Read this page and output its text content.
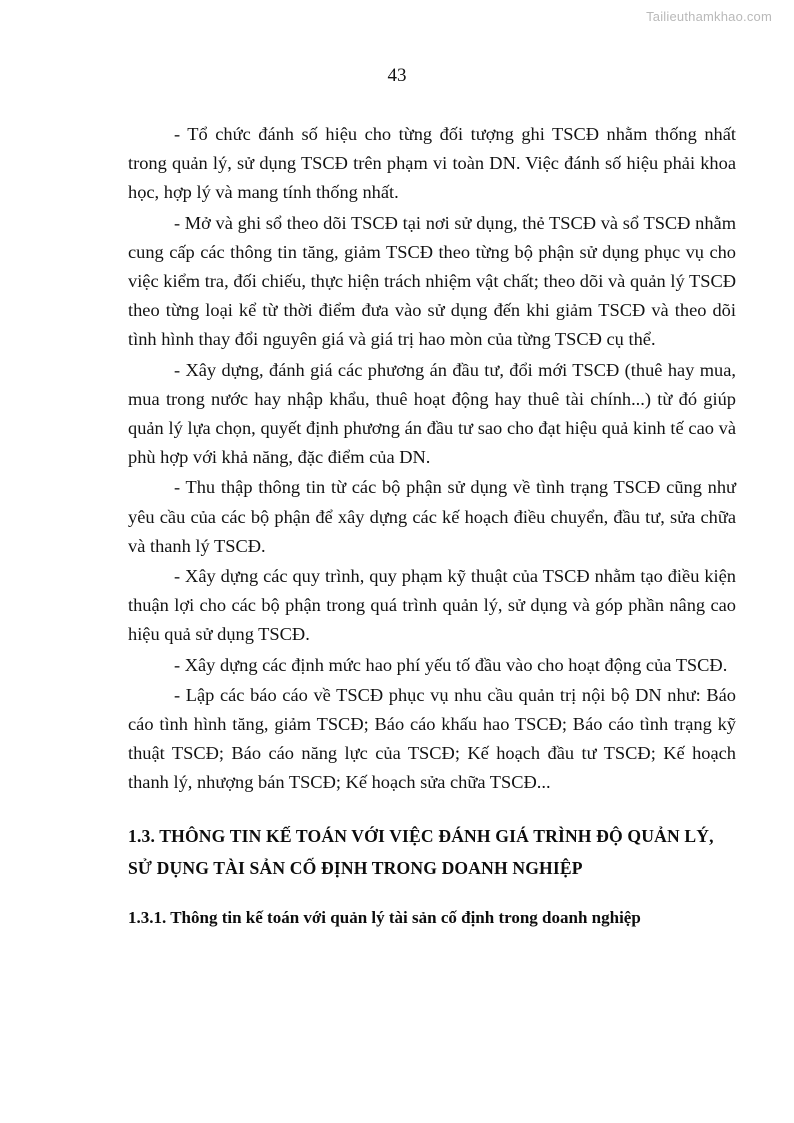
Tailieuthamkhao.com
43

- Tổ chức đánh số hiệu cho từng đối tượng ghi TSCĐ nhằm thống nhất trong quản lý, sử dụng TSCĐ trên phạm vi toàn DN. Việc đánh số hiệu phải khoa học, hợp lý và mang tính thống nhất.

- Mở và ghi sổ theo dõi TSCĐ tại nơi sử dụng, thẻ TSCĐ và sổ TSCĐ nhằm cung cấp các thông tin tăng, giảm TSCĐ theo từng bộ phận sử dụng phục vụ cho việc kiểm tra, đối chiếu, thực hiện trách nhiệm vật chất; theo dõi và quản lý TSCĐ theo từng loại kể từ thời điểm đưa vào sử dụng đến khi giảm TSCĐ và theo dõi tình hình thay đổi nguyên giá và giá trị hao mòn của từng TSCĐ cụ thể.

- Xây dựng, đánh giá các phương án đầu tư, đổi mới TSCĐ (thuê hay mua, mua trong nước hay nhập khẩu, thuê hoạt động hay thuê tài chính...) từ đó giúp quản lý lựa chọn, quyết định phương án đầu tư sao cho đạt hiệu quả kinh tế cao và phù hợp với khả năng, đặc điểm của DN.

- Thu thập thông tin từ các bộ phận sử dụng về tình trạng TSCĐ cũng như yêu cầu của các bộ phận để xây dựng các kế hoạch điều chuyển, đầu tư, sửa chữa và thanh lý TSCĐ.

- Xây dựng các quy trình, quy phạm kỹ thuật của TSCĐ nhằm tạo điều kiện thuận lợi cho các bộ phận trong quá trình quản lý, sử dụng và góp phần nâng cao hiệu quả sử dụng TSCĐ.

- Xây dựng các định mức hao phí yếu tố đầu vào cho hoạt động của TSCĐ.

- Lập các báo cáo về TSCĐ phục vụ nhu cầu quản trị nội bộ DN như: Báo cáo tình hình tăng, giảm TSCĐ; Báo cáo khấu hao TSCĐ; Báo cáo tình trạng kỹ thuật TSCĐ; Báo cáo năng lực của TSCĐ; Kế hoạch đầu tư TSCĐ; Kế hoạch thanh lý, nhượng bán TSCĐ; Kế hoạch sửa chữa TSCĐ...

1.3. THÔNG TIN KẾ TOÁN VỚI VIỆC ĐÁNH GIÁ TRÌNH ĐỘ QUẢN LÝ, SỬ DỤNG TÀI SẢN CỐ ĐỊNH TRONG DOANH NGHIỆP
1.3.1. Thông tin kế toán với quản lý tài sản cố định trong doanh nghiệp
